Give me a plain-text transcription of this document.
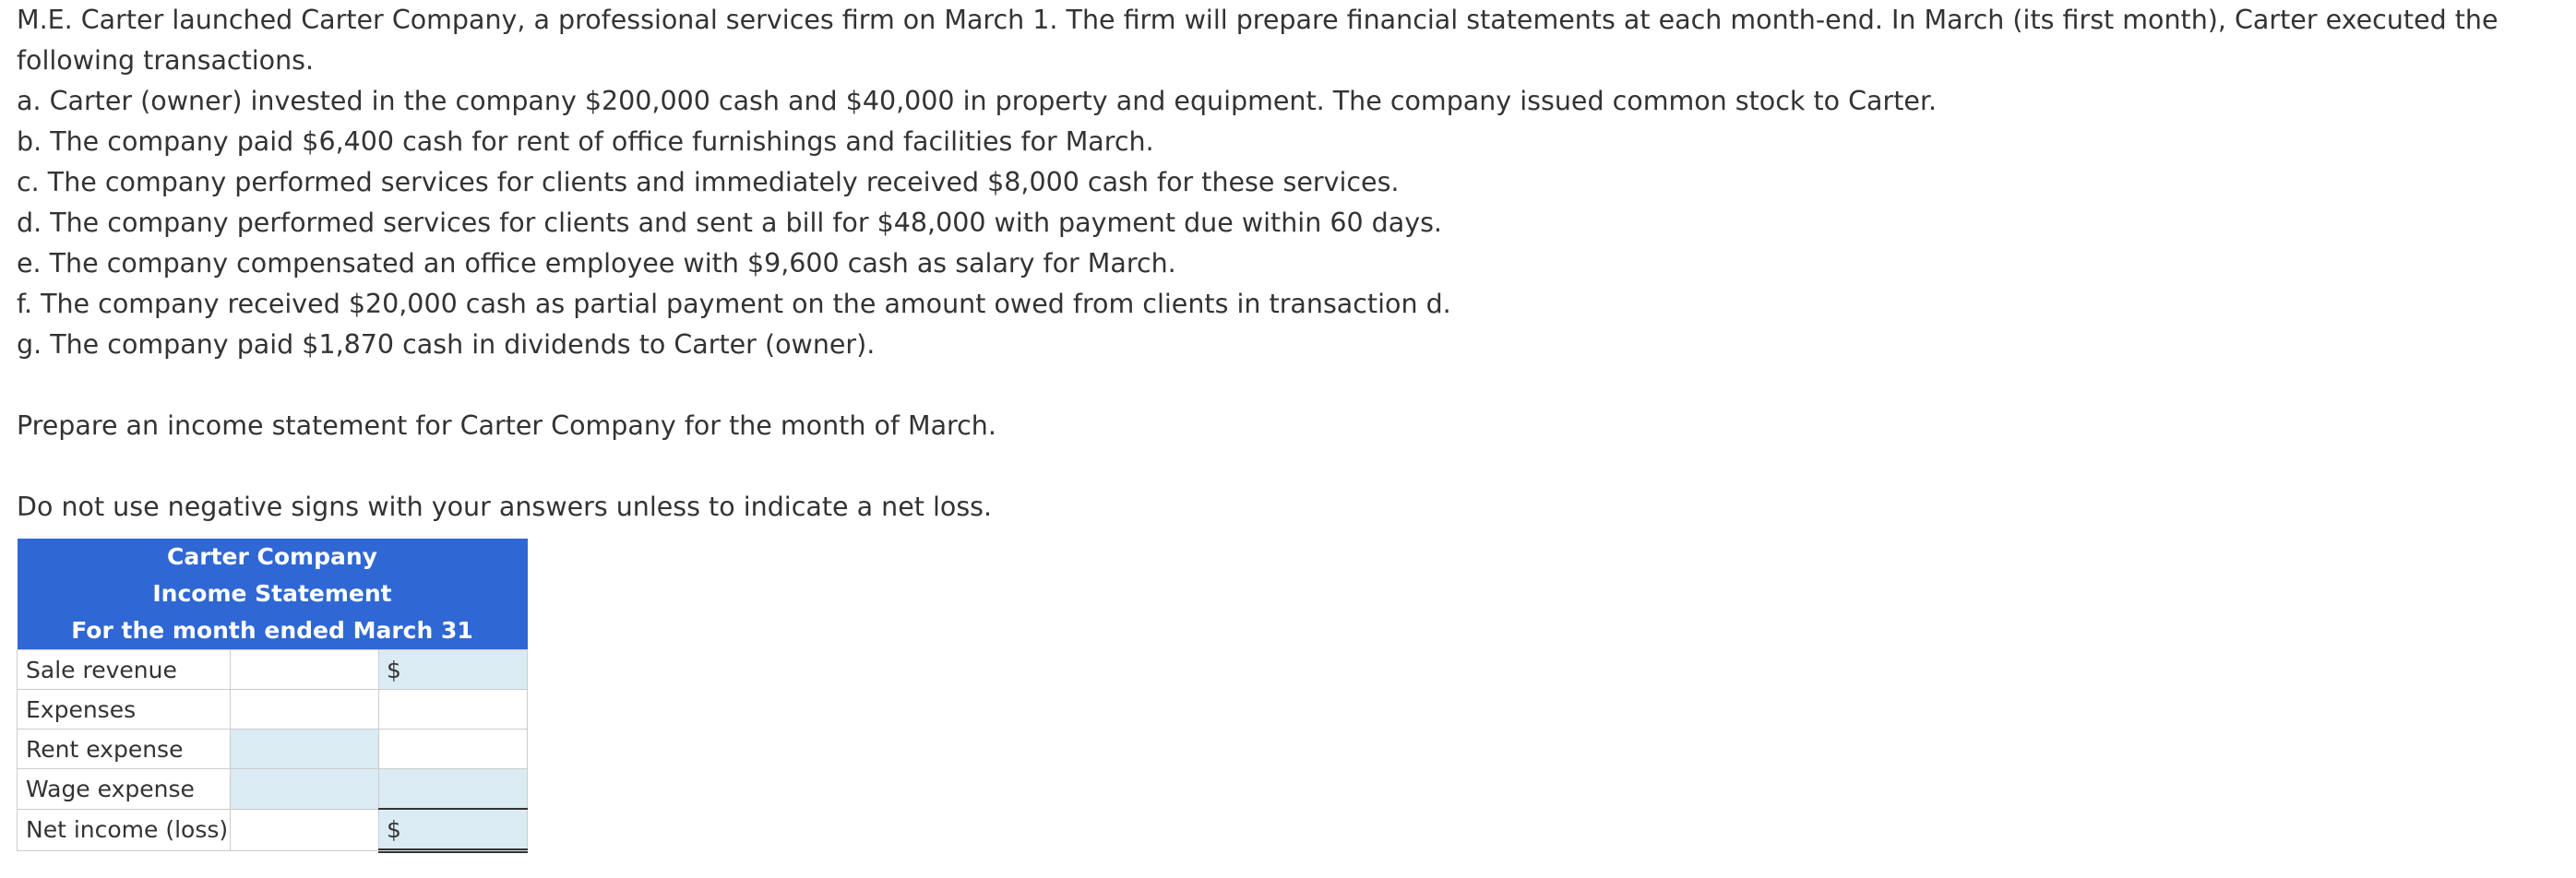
M.E. Carter launched Carter Company, a professional services firm on March 1. The firm will prepare financial statements at each month-end. In March (its first month), Carter executed the following transactions.

a. Carter (owner) invested in the company $200,000 cash and $40,000 in property and equipment. The company issued common stock to Carter.
b. The company paid $6,400 cash for rent of office furnishings and facilities for March.
c. The company performed services for clients and immediately received $8,000 cash for these services.
d. The company performed services for clients and sent a bill for $48,000 with payment due within 60 days.
e. The company compensated an office employee with $9,600 cash as salary for March.
f. The company received $20,000 cash as partial payment on the amount owed from clients in transaction d.
g. The company paid $1,870 cash in dividends to Carter (owner).
Prepare an income statement for Carter Company for the month of March.
Do not use negative signs with your answers unless to indicate a net loss.
Carter Company		
Income Statement		
For the month ended March 31		
Sale revenue		$

Expenses		
Rent expense		
Wage expense		
Net income (loss)		$
